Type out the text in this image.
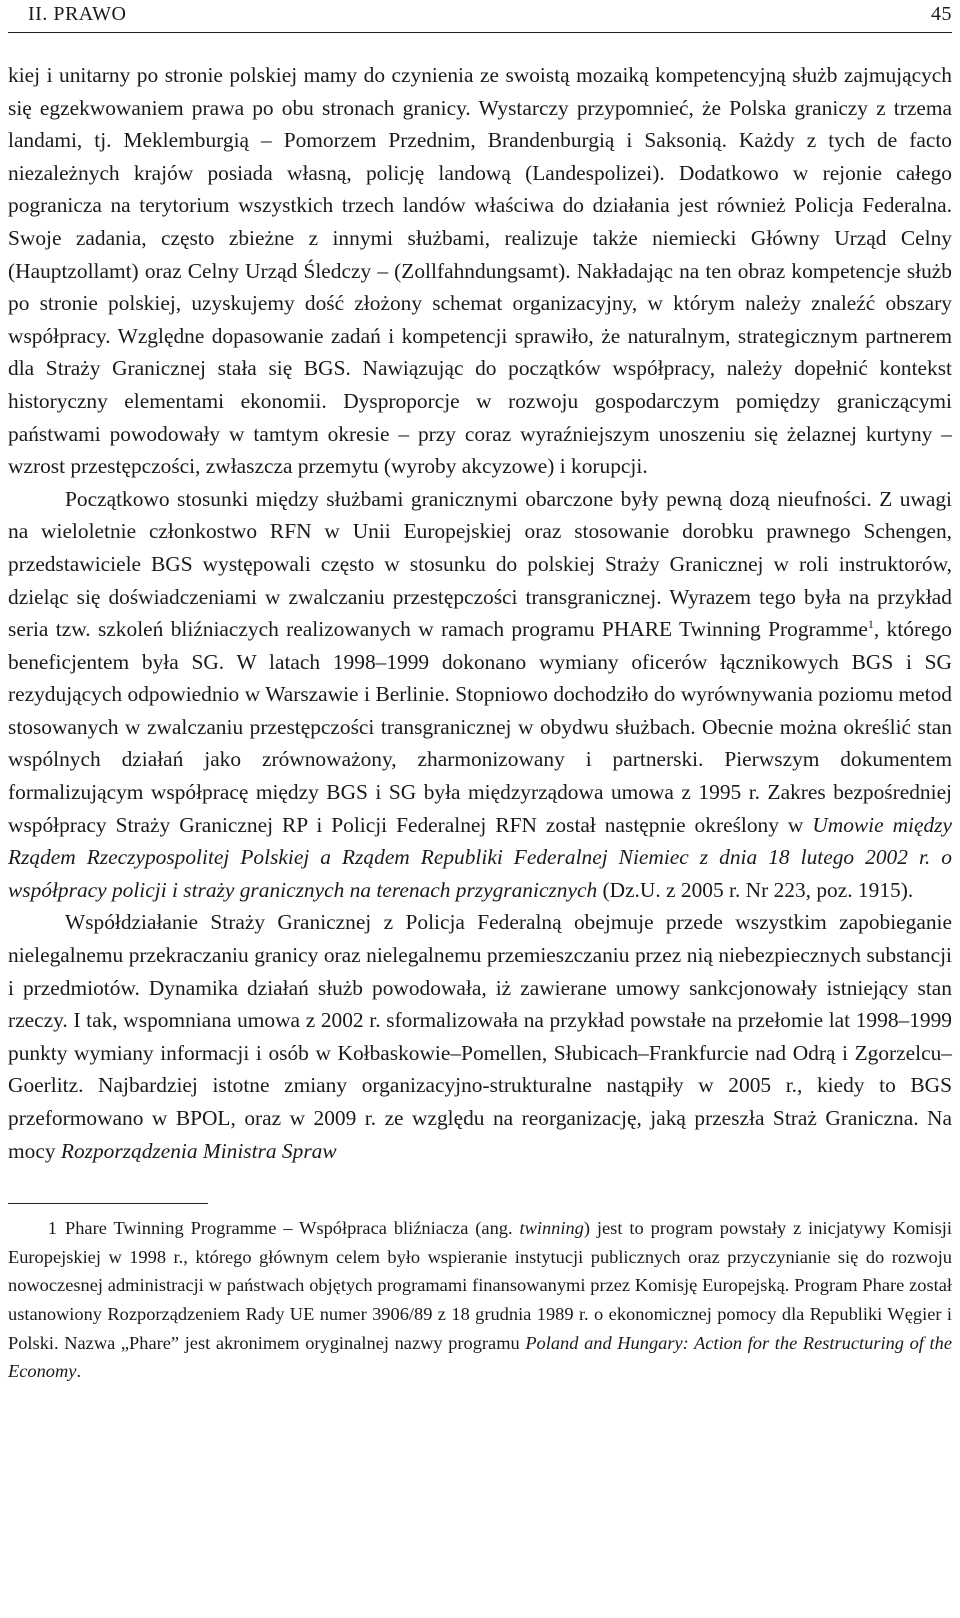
II. PRAWO	45

kiej i unitarny po stronie polskiej mamy do czynienia ze swoistą mozaiką kompetencyjną służb zajmujących się egzekwowaniem prawa po obu stronach granicy. Wystarczy przypomnieć, że Polska graniczy z trzema landami, tj. Meklemburgią – Pomorzem Przednim, Brandenburgią i Saksonią. Każdy z tych de facto niezależnych krajów posiada własną, policję landową (Landespolizei). Dodatkowo w rejonie całego pogranicza na terytorium wszystkich trzech landów właściwa do działania jest również Policja Federalna. Swoje zadania, często zbieżne z innymi służbami, realizuje także niemiecki Główny Urząd Celny (Hauptzollamt) oraz Celny Urząd Śledczy – (Zollfahndungsamt). Nakładając na ten obraz kompetencje służb po stronie polskiej, uzyskujemy dość złożony schemat organizacyjny, w którym należy znaleźć obszary współpracy. Względne dopasowanie zadań i kompetencji sprawiło, że naturalnym, strategicznym partnerem dla Straży Granicznej stała się BGS. Nawiązując do początków współpracy, należy dopełnić kontekst historyczny elementami ekonomii. Dysproporcje w rozwoju gospodarczym pomiędzy graniczącymi państwami powodowały w tamtym okresie – przy coraz wyraźniejszym unoszeniu się żelaznej kurtyny – wzrost przestępczości, zwłaszcza przemytu (wyroby akcyzowe) i korupcji.

Początkowo stosunki między służbami granicznymi obarczone były pewną dozą nieufności. Z uwagi na wieloletnie członkostwo RFN w Unii Europejskiej oraz stosowanie dorobku prawnego Schengen, przedstawiciele BGS występowali często w stosunku do polskiej Straży Granicznej w roli instruktorów, dzieląc się doświadczeniami w zwalczaniu przestępczości transgranicznej. Wyrazem tego była na przykład seria tzw. szkoleń bliźniaczych realizowanych w ramach programu PHARE Twinning Programme$^1$, którego beneficjentem była SG. W latach 1998–1999 dokonano wymiany oficerów łącznikowych BGS i SG rezydujących odpowiednio w Warszawie i Berlinie. Stopniowo dochodziło do wyrównywania poziomu metod stosowanych w zwalczaniu przestępczości transgranicznej w obydwu służbach. Obecnie można określić stan wspólnych działań jako zrównoważony, zharmonizowany i partnerski. Pierwszym dokumentem formalizującym współpracę między BGS i SG była międzyrządowa umowa z 1995 r. Zakres bezpośredniej współpracy Straży Granicznej RP i Policji Federalnej RFN został następnie określony w Umowie między Rządem Rzeczypospolitej Polskiej a Rządem Republiki Federalnej Niemiec z dnia 18 lutego 2002 r. o współpracy policji i straży granicznych na terenach przygranicznych (Dz.U. z 2005 r. Nr 223, poz. 1915).

Współdziałanie Straży Granicznej z Policja Federalną obejmuje przede wszystkim zapobieganie nielegalnemu przekraczaniu granicy oraz nielegalnemu przemieszczaniu przez nią niebezpiecznych substancji i przedmiotów. Dynamika działań służb powodowała, iż zawierane umowy sankcjonowały istniejący stan rzeczy. I tak, wspomniana umowa z 2002 r. sformalizowała na przykład powstałe na przełomie lat 1998–1999 punkty wymiany informacji i osób w Kołbaskowie–Pomellen, Słubicach–Frankfurcie nad Odrą i Zgorzelcu–Goerlitz. Najbardziej istotne zmiany organizacyjno-strukturalne nastąpiły w 2005 r., kiedy to BGS przeformowano w BPOL, oraz w 2009 r. ze względu na reorganizację, jaką przeszła Straż Graniczna. Na mocy Rozporządzenia Ministra Spraw

1 Phare Twinning Programme – Współpraca bliźniacza (ang. twinning) jest to program powstały z inicjatywy Komisji Europejskiej w 1998 r., którego głównym celem było wspieranie instytucji publicznych oraz przyczynianie się do rozwoju nowoczesnej administracji w państwach objętych programami finansowanymi przez Komisję Europejską. Program Phare został ustanowiony Rozporządzeniem Rady UE numer 3906/89 z 18 grudnia 1989 r. o ekonomicznej pomocy dla Republiki Węgier i Polski. Nazwa „Phare” jest akronimem oryginalnej nazwy programu Poland and Hungary: Action for the Restructuring of the Economy.
